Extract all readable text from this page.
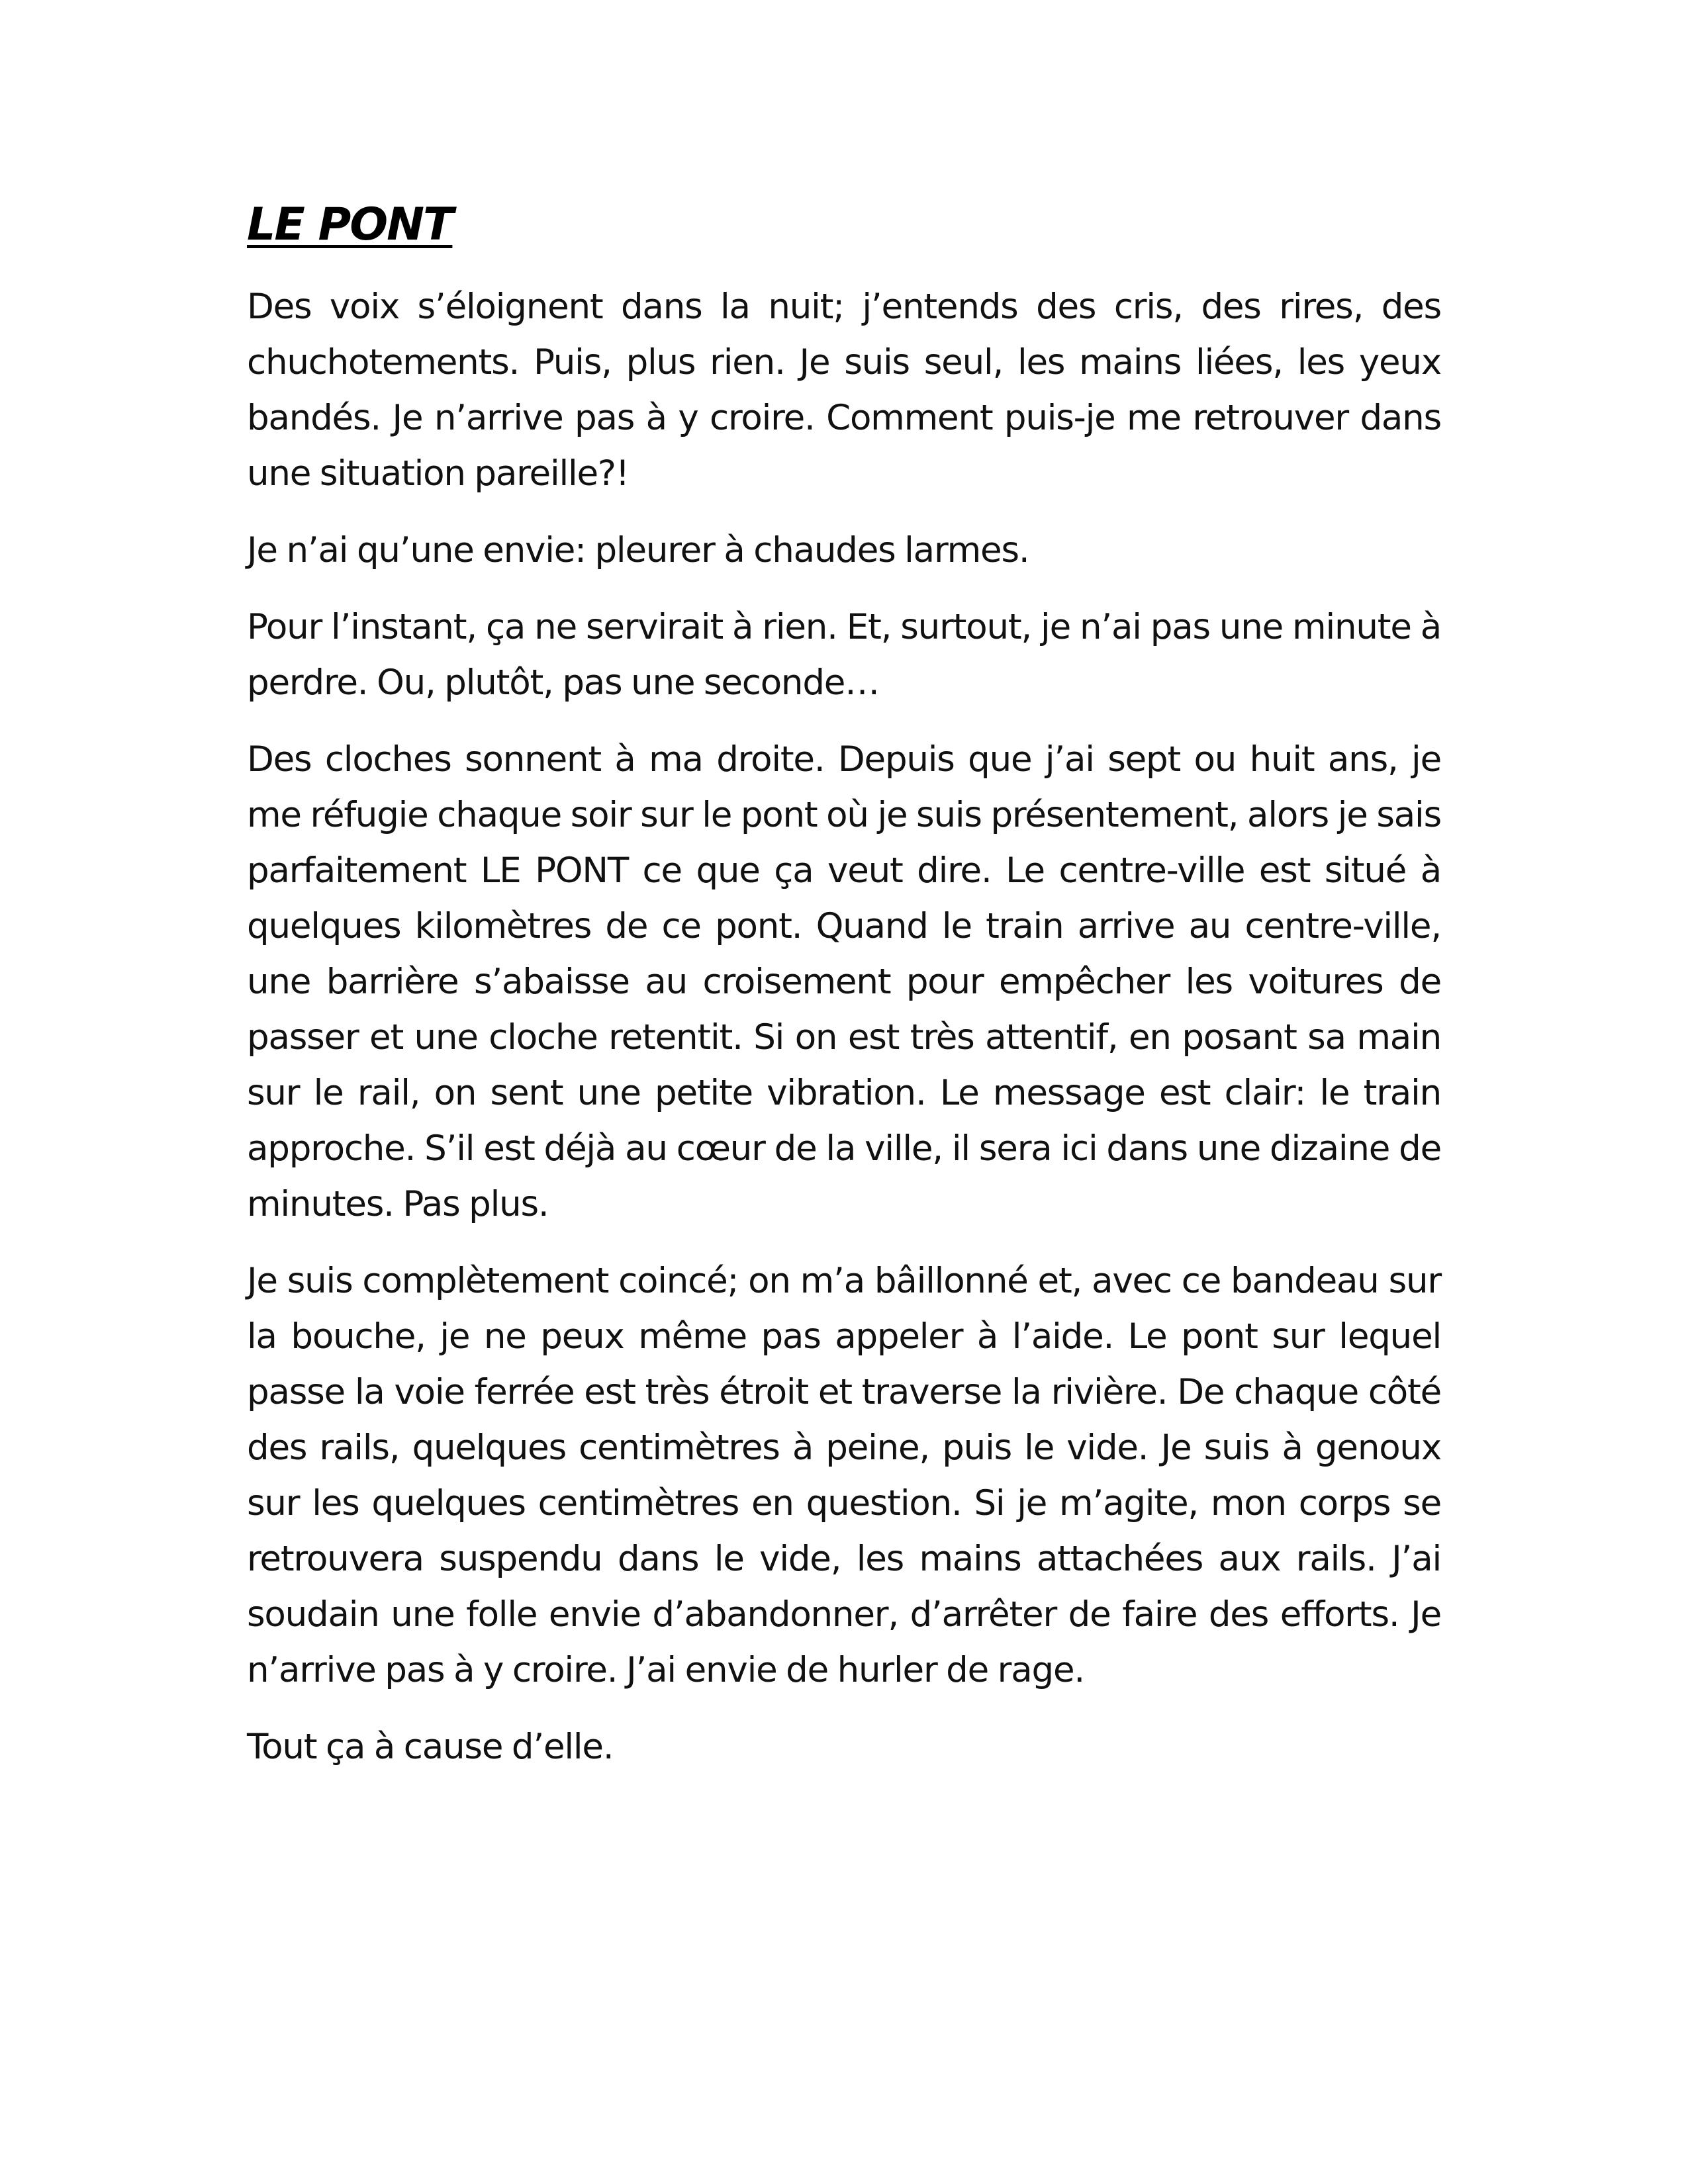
LE PONT

Des voix s’éloignent dans la nuit; j’entends des cris, des rires, des chuchotements. Puis, plus rien. Je suis seul, les mains liées, les yeux bandés. Je n’arrive pas à y croire. Comment puis-je me retrouver dans une situation pareille?!

Je n’ai qu’une envie: pleurer à chaudes larmes.

Pour l’instant, ça ne servirait à rien. Et, surtout, je n’ai pas une minute à perdre. Ou, plutôt, pas une seconde…

Des cloches sonnent à ma droite. Depuis que j’ai sept ou huit ans, je me réfugie chaque soir sur le pont où je suis présentement, alors je sais parfaitement LE PONT ce que ça veut dire. Le centre-ville est situé à quelques kilomètres de ce pont. Quand le train arrive au centre-ville, une barrière s’abaisse au croisement pour empêcher les voitures de passer et une cloche retentit. Si on est très attentif, en posant sa main sur le rail, on sent une petite vibration. Le message est clair: le train approche. S’il est déjà au cœur de la ville, il sera ici dans une dizaine de minutes. Pas plus.

Je suis complètement coincé; on m’a bâillonné et, avec ce bandeau sur la bouche, je ne peux même pas appeler à l’aide. Le pont sur lequel passe la voie ferrée est très étroit et traverse la rivière. De chaque côté des rails, quelques centimètres à peine, puis le vide. Je suis à genoux sur les quelques centimètres en question. Si je m’agite, mon corps se retrouvera suspendu dans le vide, les mains attachées aux rails. J’ai soudain une folle envie d’abandonner, d’arrêter de faire des efforts. Je n’arrive pas à y croire. J’ai envie de hurler de rage.

Tout ça à cause d’elle.
